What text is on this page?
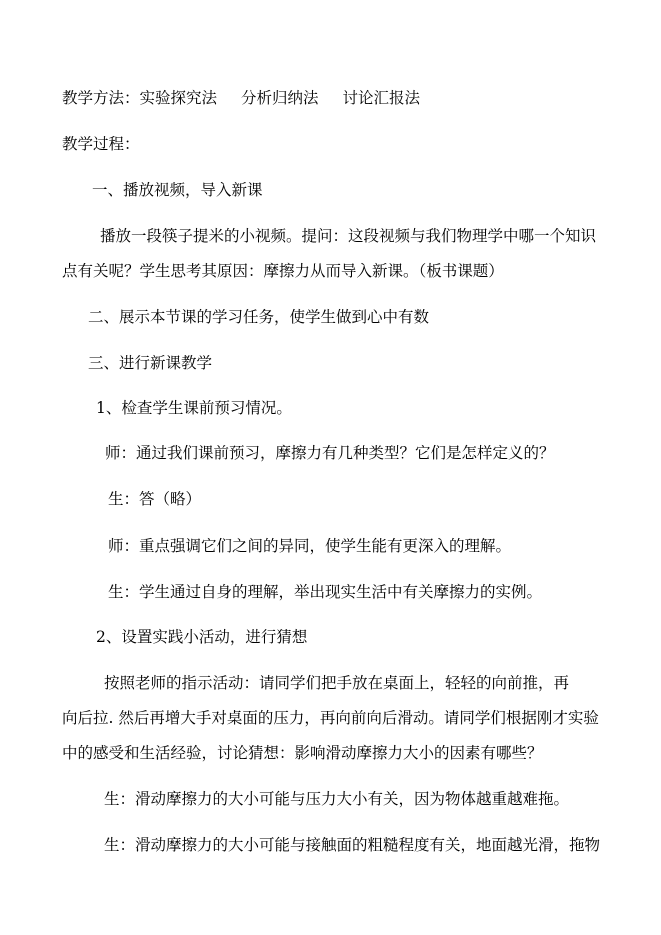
教学方法：实验探究法 分析归纳法 讨论汇报法

教学过程：

一、播放视频，导入新课

播放一段筷子提米的小视频。提问：这段视频与我们物理学中哪一个知识

点有关呢？学生思考其原因：摩擦力从而导入新课。（板书课题）

二、展示本节课的学习任务，使学生做到心中有数

三、进行新课教学

1、检查学生课前预习情况。

师：通过我们课前预习，摩擦力有几种类型？它们是怎样定义的？

生：答（略）

师：重点强调它们之间的异同，使学生能有更深入的理解。

生：学生通过自身的理解，举出现实生活中有关摩擦力的实例。

2、设置实践小活动，进行猜想

按照老师的指示活动：请同学们把手放在桌面上，轻轻的向前推，再

向后拉. 然后再增大手对桌面的压力，再向前向后滑动。请同学们根据刚才实验

中的感受和生活经验，讨论猜想：影响滑动摩擦力大小的因素有哪些？

生：滑动摩擦力的大小可能与压力大小有关，因为物体越重越难拖。

生：滑动摩擦力的大小可能与接触面的粗糙程度有关，地面越光滑，拖物
